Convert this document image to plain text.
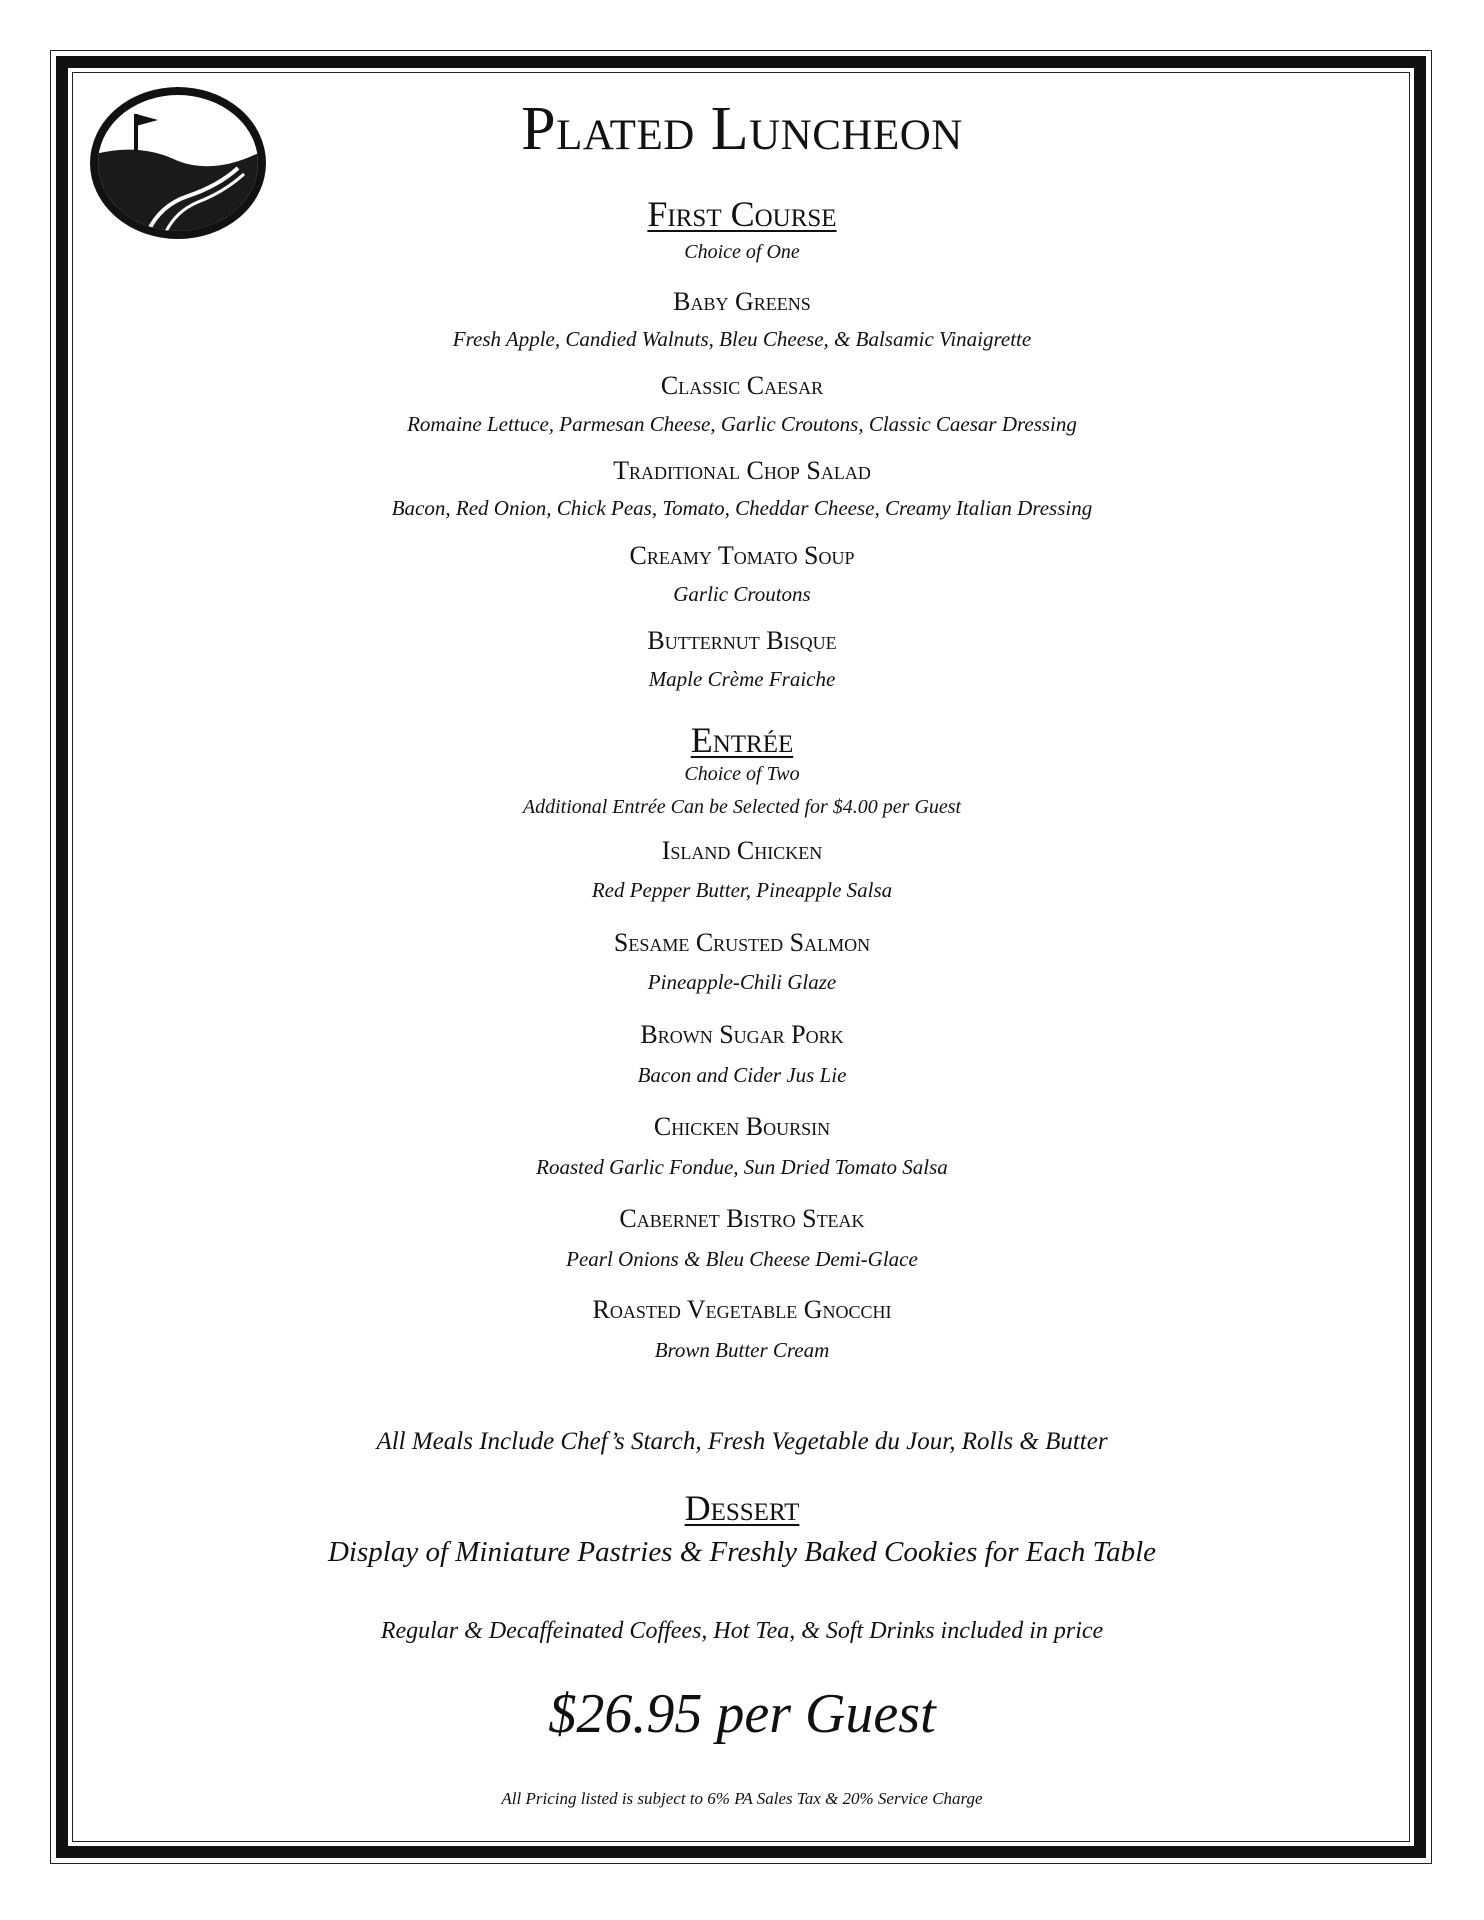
Plated Luncheon
First Course
Choice of One
Baby Greens
Fresh Apple, Candied Walnuts, Bleu Cheese, & Balsamic Vinaigrette
Classic Caesar
Romaine Lettuce, Parmesan Cheese, Garlic Croutons, Classic Caesar Dressing
Traditional Chop Salad
Bacon, Red Onion, Chick Peas, Tomato, Cheddar Cheese, Creamy Italian Dressing
Creamy Tomato Soup
Garlic Croutons
Butternut Bisque
Maple Crème Fraiche
Entrée
Choice of Two
Additional Entrée Can be Selected for $4.00 per Guest
Island Chicken
Red Pepper Butter, Pineapple Salsa
Sesame Crusted Salmon
Pineapple-Chili Glaze
Brown Sugar Pork
Bacon and Cider Jus Lie
Chicken Boursin
Roasted Garlic Fondue, Sun Dried Tomato Salsa
Cabernet Bistro Steak
Pearl Onions & Bleu Cheese Demi-Glace
Roasted Vegetable Gnocchi
Brown Butter Cream
All Meals Include Chef’s Starch, Fresh Vegetable du Jour, Rolls & Butter
Dessert
Display of Miniature Pastries & Freshly Baked Cookies for Each Table
Regular & Decaffeinated Coffees, Hot Tea, & Soft Drinks included in price
$26.95 per Guest
All Pricing listed is subject to 6% PA Sales Tax & 20% Service Charge
